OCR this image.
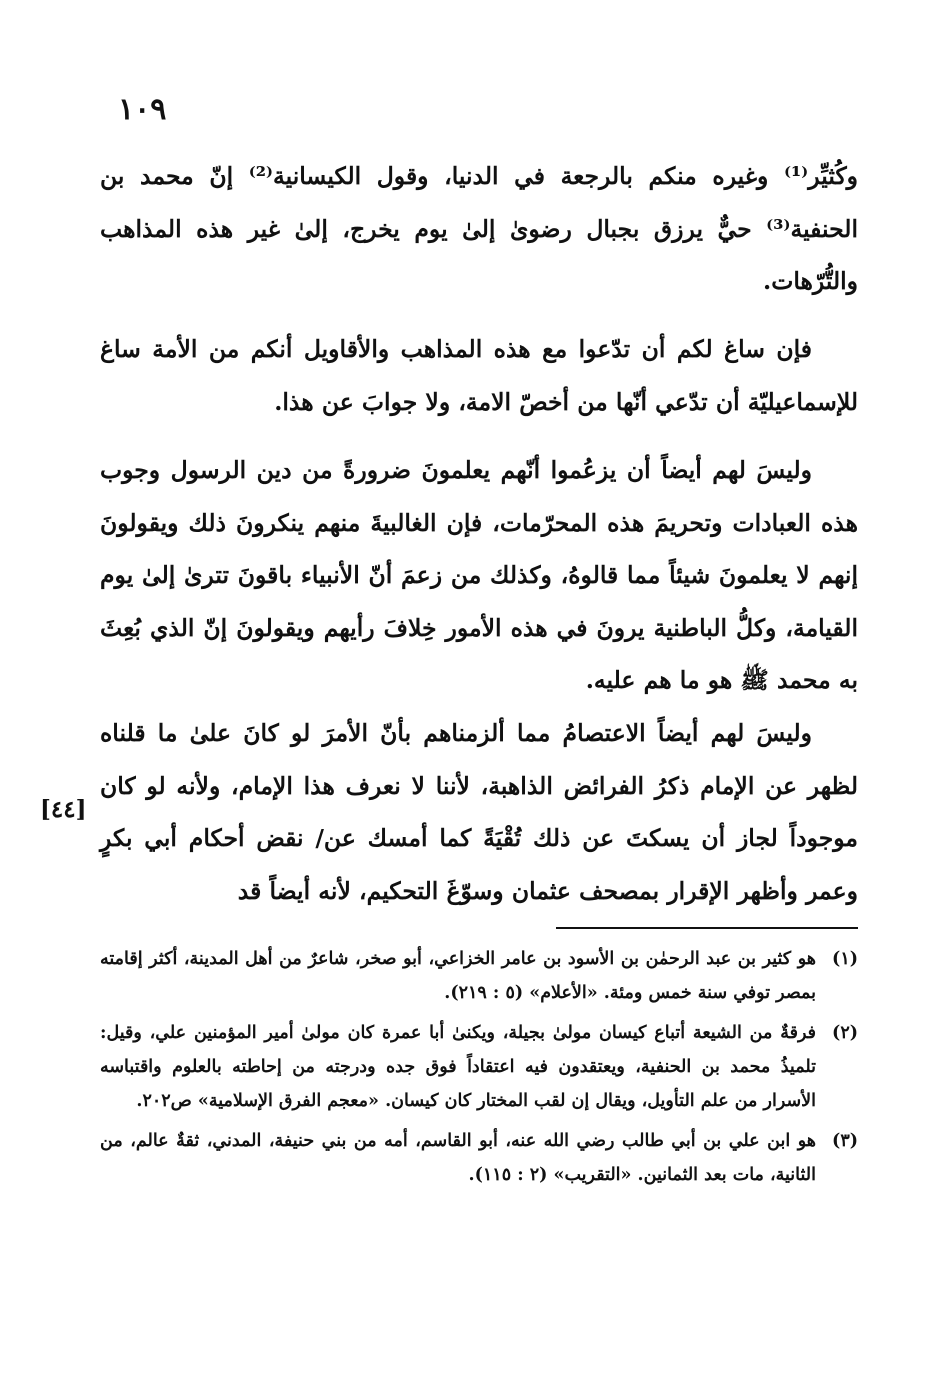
١٠٩
وكُثيِّر⁽¹⁾ وغيره منكم بالرجعة في الدنيا، وقول الكيسانية⁽²⁾ إنّ محمد بن الحنفية⁽³⁾ حيٌّ يرزق بجبال رضوىٰ إلىٰ يوم يخرج، إلىٰ غير هذه المذاهب والتُّرّهات.
فإن ساغ لكم أن تدّعوا مع هذه المذاهب والأقاويل أنكم من الأمة ساغ للإسماعيليّة أن تدّعي أنّها من أخصّ الامة، ولا جوابَ عن هذا.
وليسَ لهم أيضاً أن يزعُموا أنّهم يعلمونَ ضرورةً من دين الرسول وجوب هذه العبادات وتحريمَ هذه المحرّمات، فإن الغالبيةَ منهم ينكرونَ ذلك ويقولونَ إنهم لا يعلمونَ شيئاً مما قالوهُ، وكذلك من زعمَ أنّ الأنبياء باقونَ تترىٰ إلىٰ يوم القيامة، وكلُّ الباطنية يرونَ في هذه الأمور خِلافَ رأيهم ويقولونَ إنّ الذي بُعِثَ به محمد ﷺ هو ما هم عليه.
وليسَ لهم أيضاً الاعتصامُ مما ألزمناهم بأنّ الأمرَ لو كانَ علىٰ ما قلناه لظهر عن الإمام ذكرُ الفرائض الذاهبة، لأننا لا نعرف هذا الإمام، ولأنه لو كان موجوداً لجاز أن يسكتَ عن ذلك تُقْيَةً كما أمسك عن/ نقض أحكام أبي بكرٍ وعمر وأظهر الإقرار بمصحف عثمان وسوّغَ التحكيم، لأنه أيضاً قد
[٤٤]
(١)
هو كثير بن عبد الرحمٰن بن الأسود بن عامر الخزاعي، أبو صخر، شاعرٌ من أهل المدينة، أكثر إقامته بمصر توفي سنة خمس ومئة. «الأعلام» (٥ : ٢١٩).
(٢)
فرقةٌ من الشيعة أتباع كيسان مولىٰ بجيلة، ويكنىٰ أبا عمرة كان مولىٰ أمير المؤمنين علي، وقيل: تلميذُ محمد بن الحنفية، ويعتقدون فيه اعتقاداً فوق جده ودرجته من إحاطته بالعلوم واقتباسه الأسرار من علم التأويل، ويقال إن لقب المختار كان كيسان. «معجم الفرق الإسلامية» ص٢٠٢.
(٣)
هو ابن علي بن أبي طالب رضي الله عنه، أبو القاسم، أمه من بني حنيفة، المدني، ثقةٌ عالم، من الثانية، مات بعد الثمانين. «التقريب» (٢ : ١١٥).
